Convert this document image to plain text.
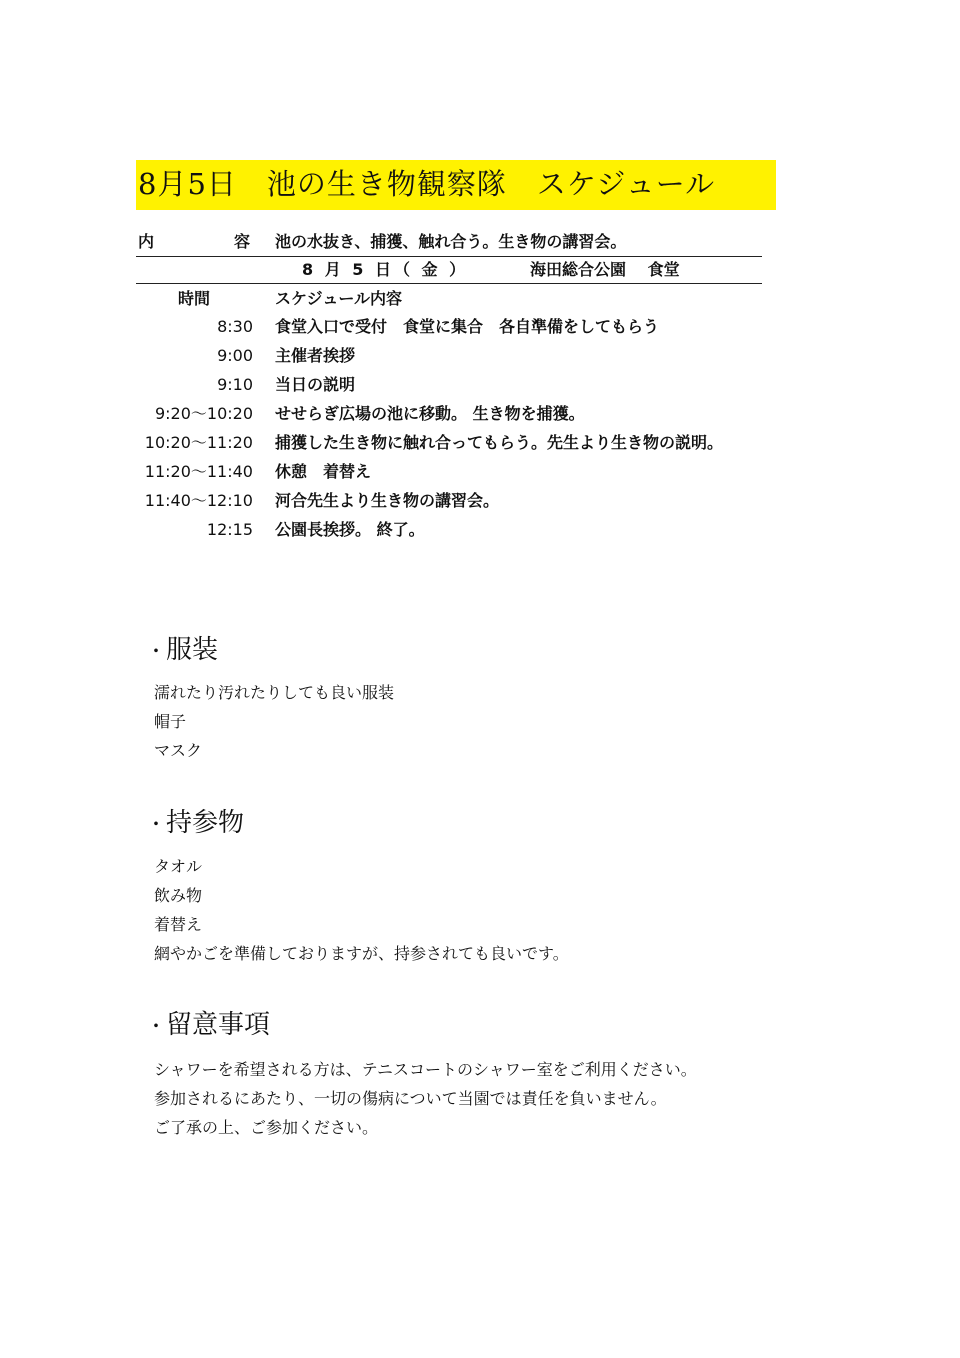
8月5日　池の生き物観察隊　スケジュール
内	容 池の水抜き、捕獲、触れ合う。生き物の講習会。
8 月 5 日（ 金 ）	海田総合公園　 食堂
時間	スケジュール内容
8:30 食堂入口で受付　食堂に集合　各自準備をしてもらう
9:00 主催者挨拶
9:10 当日の説明
9:20～10:20 せせらぎ広場の池に移動。 生き物を捕獲。
10:20～11:20 捕獲した生き物に触れ合ってもらう。先生より生き物の説明。
11:20～11:40 休憩　着替え
11:40～12:10 河合先生より生き物の講習会。
12:15 公園長挨拶。 終了。
・服装
濡れたり汚れたりしても良い服装
帽子
マスク
・持参物
タオル
飲み物
着替え
網やかごを準備しておりますが、持参されても良いです。
・留意事項
シャワーを希望される方は、テニスコートのシャワー室をご利用ください。
参加されるにあたり、一切の傷病について当園では責任を負いません。
ご了承の上、ご参加ください。
